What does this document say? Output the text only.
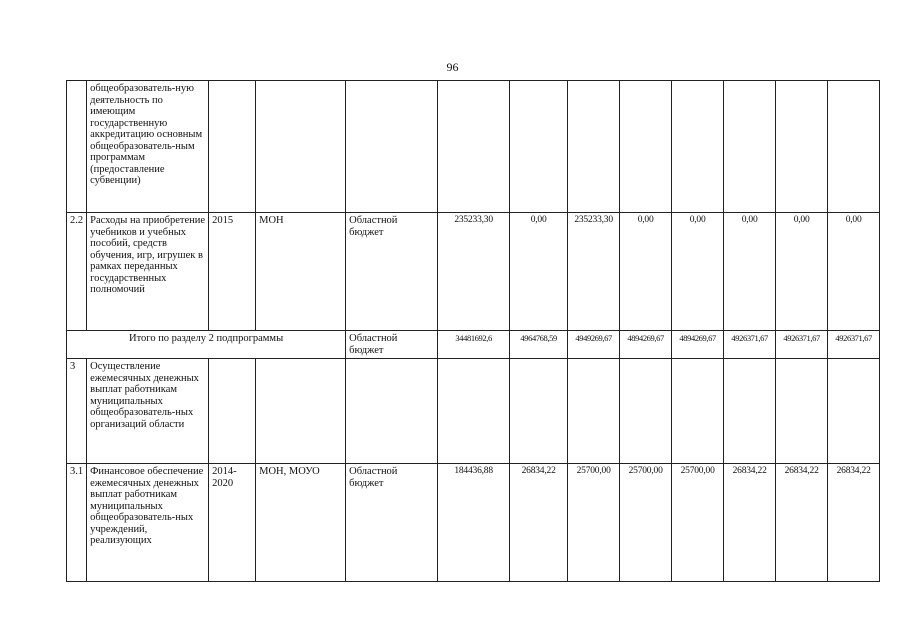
96
	общеобразователь-ную деятельность по имеющим государственную аккредитацию основным общеобразователь-ным программам (предоставление субвенции)											
2.2	Расходы на приобретение учебников и учебных пособий, средств обучения, игр, игрушек в рамках переданных государственных полномочий	2015	МОН	Областной бюджет	235233,30	0,00	235233,30	0,00	0,00	0,00	0,00	0,00
Итого по разделу 2 подпрограммы				Областной бюджет	34481692,6	4964768,59	4949269,67	4894269,67	4894269,67	4926371,67	4926371,67	4926371,67
3	Осуществление ежемесячных денежных выплат работникам муниципальных общеобразователь-ных организаций области											
3.1	Финансовое обеспечение ежемесячных денежных выплат работникам муниципальных общеобразователь-ных учреждений, реализующих	2014-2020	МОН, МОУО	Областной бюджет	184436,88	26834,22	25700,00	25700,00	25700,00	26834,22	26834,22	26834,22
